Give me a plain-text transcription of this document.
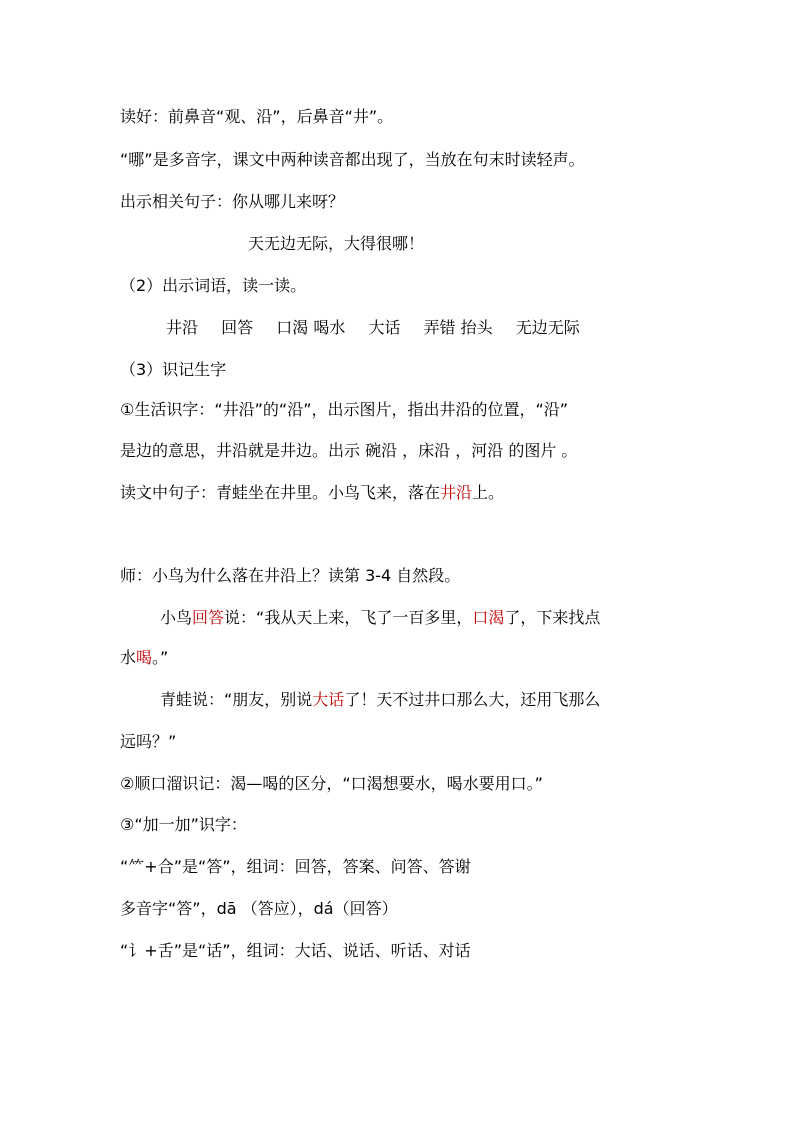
读好：前鼻音“观、沿”，后鼻音“井”。
“哪”是多音字，课文中两种读音都出现了，当放在句末时读轻声。
出示相关句子：你从哪儿来呀？
天无边无际，大得很哪！
（2）出示词语，读一读。
井沿 回答 口渴 喝水 大话 弄错 抬头 无边无际
（3）识记生字
①生活识字：“井沿”的“沿”，出示图片，指出井沿的位置，“沿”
是边的意思，井沿就是井边。出示 碗沿 ，床沿 ，河沿 的图片 。
读文中句子：青蛙坐在井里。小鸟飞来，落在井沿上。
师：小鸟为什么落在井沿上？读第 3-4 自然段。
小鸟回答说：“我从天上来，飞了一百多里，口渴了，下来找点
水喝。”
青蛙说：“朋友，别说大话了！天不过井口那么大，还用飞那么
远吗？”
②顺口溜识记：渴—喝的区分，“口渴想要水，喝水要用口。”
③“加一加”识字：
“⺮+合”是“答”，组词：回答，答案、问答、答谢
多音字“答”，dā （答应），dá（回答）
“讠+舌”是“话”，组词：大话、说话、听话、对话
